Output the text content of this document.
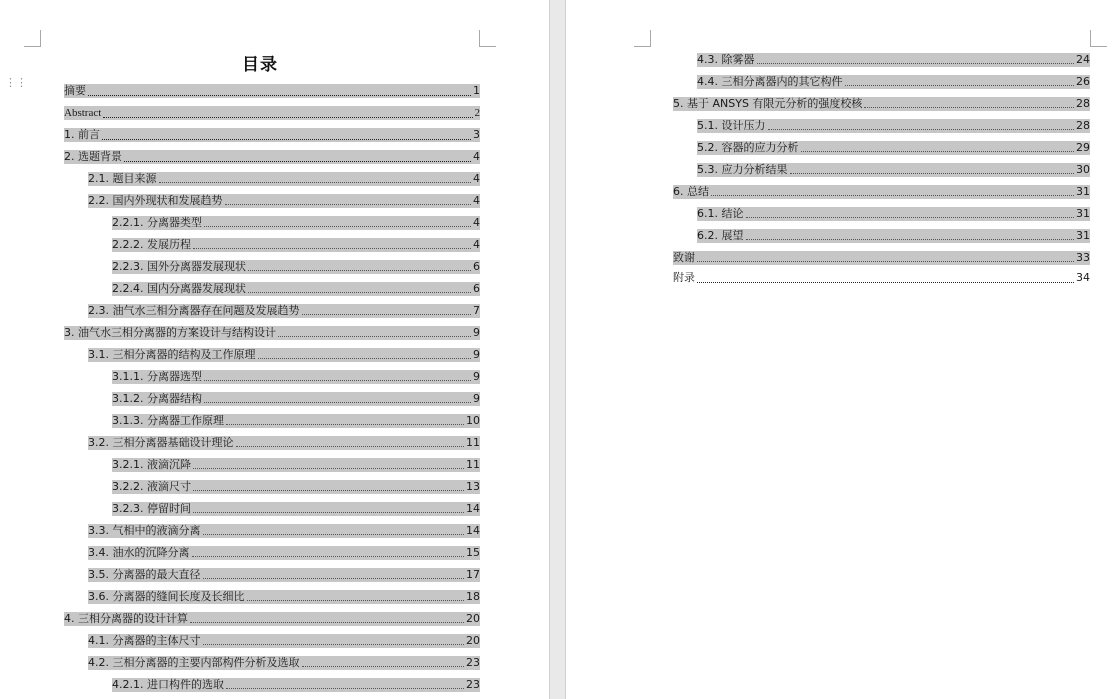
⋮⋮
目录
摘要	1
Abstract	2
1. 前言	3
2. 选题背景	4
2.1. 题目来源	4
2.2. 国内外现状和发展趋势	4
2.2.1. 分离器类型	4
2.2.2. 发展历程	4
2.2.3. 国外分离器发展现状	6
2.2.4. 国内分离器发展现状	6
2.3. 油气水三相分离器存在问题及发展趋势	7
3. 油气水三相分离器的方案设计与结构设计	9
3.1. 三相分离器的结构及工作原理	9
3.1.1. 分离器选型	9
3.1.2. 分离器结构	9
3.1.3. 分离器工作原理	10
3.2. 三相分离器基础设计理论	11
3.2.1. 液滴沉降	11
3.2.2. 液滴尺寸	13
3.2.3. 停留时间	14
3.3. 气相中的液滴分离	14
3.4. 油水的沉降分离	15
3.5. 分离器的最大直径	17
3.6. 分离器的缝间长度及长细比	18
4. 三相分离器的设计计算	20
4.1. 分离器的主体尺寸	20
4.2. 三相分离器的主要内部构件分析及选取	23
4.2.1. 进口构件的选取	23
4.3. 除雾器	24
4.4. 三相分离器内的其它构件	26
5. 基于 ANSYS 有限元分析的强度校核	28
5.1. 设计压力	28
5.2. 容器的应力分析	29
5.3. 应力分析结果	30
6. 总结	31
6.1. 结论	31
6.2. 展望	31
致谢	33
附录	34
